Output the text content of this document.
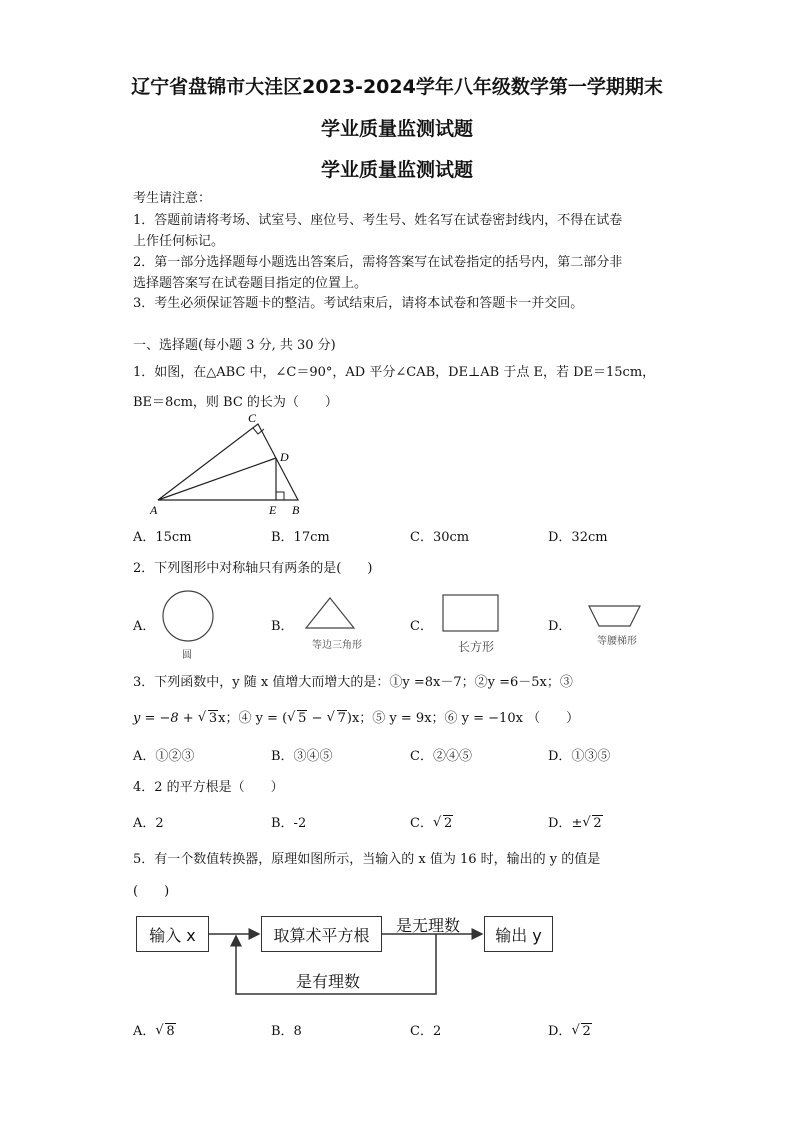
辽宁省盘锦市大洼区2023-2024学年八年级数学第一学期期末
学业质量监测试题
学业质量监测试题
考生请注意：
1．答题前请将考场、试室号、座位号、考生号、姓名写在试卷密封线内，不得在试卷
上作任何标记。
2．第一部分选择题每小题选出答案后，需将答案写在试卷指定的括号内，第二部分非
选择题答案写在试卷题目指定的位置上。
3．考生必须保证答题卡的整洁。考试结束后，请将本试卷和答题卡一并交回。
一、选择题(每小题 3 分, 共 30 分)
1．如图，在△ABC 中，∠C＝90°，AD 平分∠CAB，DE⊥AB 于点 E，若 DE＝15cm，
BE＝8cm，则 BC 的长为（　　）
A	B
C
D
E
A．15cm	B．17cm	C．30cm	D．32cm
2．下列图形中对称轴只有两条的是(　　)
A．
圆
B．
等边三角形
C．
长方形
D．
等腰梯形
3．下列函数中，y 随 x 值增大而增大的是：①y =8x－7；②y =6－5x；③
y = −8 + √ 3x；④ y = ( √ 5 − √ 7)x；⑤ y = 9x；⑥ y = −10x （　　）
A．①②③	B．③④⑤	C．②④⑤	D．①③⑤
4．2 的平方根是（　　）
A．2	B．-2	C． √ 2	D．± √ 2
5．有一个数值转换器，原理如图所示，当输入的 x 值为 16 时，输出的 y 的值是
(　　)
输入 x	取算术平方根	输出 y
是无理数
是有理数
A． √ 8	B．8	C．2	D． √ 2
